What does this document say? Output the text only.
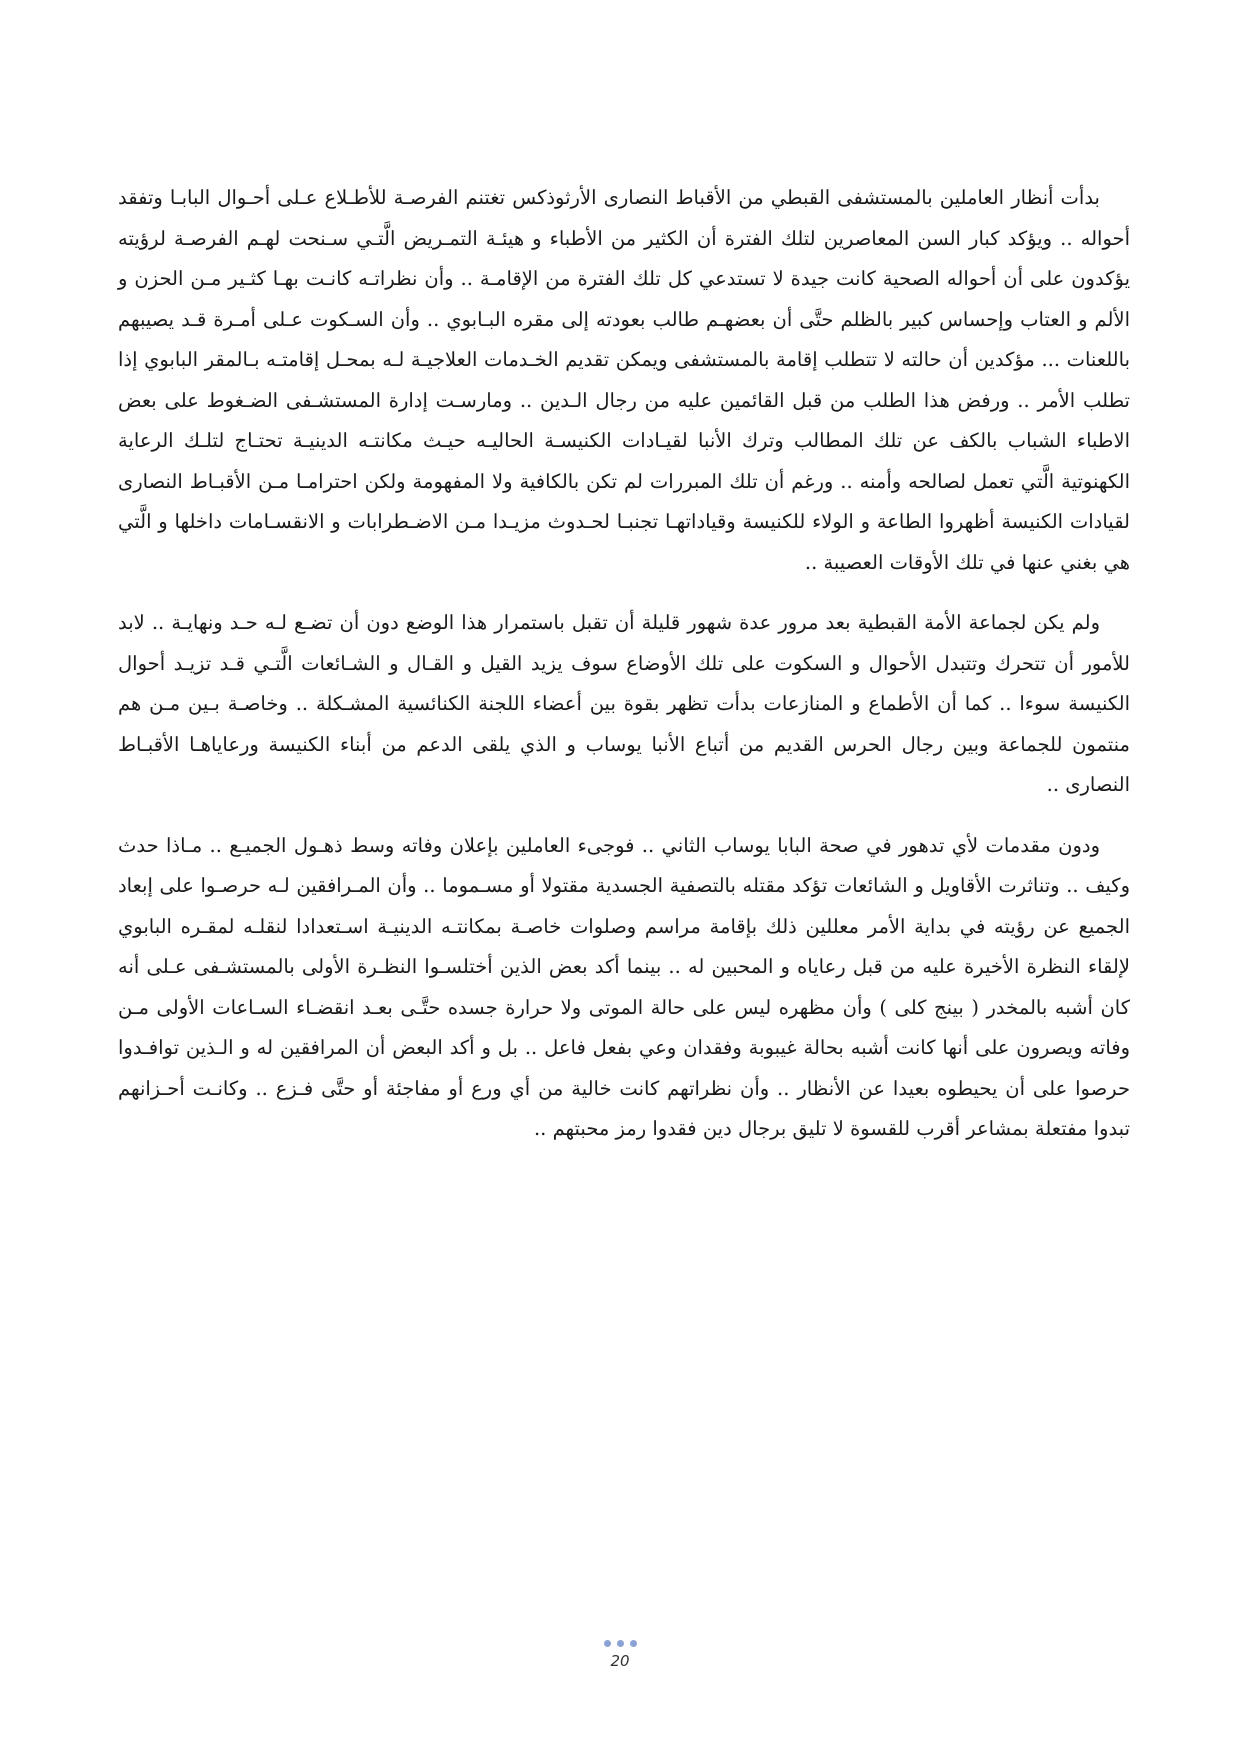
بدأت أنظار العاملين بالمستشفى القبطي من الأقباط النصارى الأرثوذكس تغتنم الفرصـة للأطـلاع عـلى أحـوال البابـا وتفقد أحواله .. ويؤكد كبار السن المعاصرين لتلك الفترة أن الكثير من الأطباء و هيئـة التمـريض الَّتـي سـنحت لهـم الفرصـة لرؤيته يؤكدون على أن أحواله الصحية كانت جيدة لا تستدعي كل تلك الفترة من الإقامـة .. وأن نظراتـه كانـت بهـا كثـير مـن الحزن و الألم و العتاب وإحساس كبير بالظلم حتَّى أن بعضهـم طالب بعودته إلى مقره البـابوي .. وأن السـكوت عـلى أمـرة قـد يصيبهم باللعنات ... مؤكدين أن حالته لا تتطلب إقامة بالمستشفى ويمكن تقديم الخـدمات العلاجيـة لـه بمحـل إقامتـه بـالمقر البابوي إذا تطلب الأمر .. ورفض هذا الطلب من قبل القائمين عليه من رجال الـدين .. ومارسـت إدارة المستشـفى الضـغوط على بعض الاطباء الشباب بالكف عن تلك المطالب وترك الأنبا لقيـادات الكنيسـة الحاليـه حيـث مكانتـه الدينيـة تحتـاج لتلـك الرعاية الكهنوتية الَّتي تعمل لصالحه وأمنه .. ورغم أن تلك المبررات لم تكن بالكافية ولا المفهومة ولكن احترامـا مـن الأقبـاط النصارى لقيادات الكنيسة أظهروا الطاعة و الولاء للكنيسة وقياداتهـا تجنبـا لحـدوث مزيـدا مـن الاضـطرابات و الانقسـامات داخلها و الَّتي هي بغني عنها في تلك الأوقات العصيبة ..

ولم يكن لجماعة الأمة القبطية بعد مرور عدة شهور قليلة أن تقبل باستمرار هذا الوضع دون أن تضـع لـه حـد ونهايـة .. لابد للأمور أن تتحرك وتتبدل الأحوال و السكوت على تلك الأوضاع سوف يزيد القيل و القـال و الشـائعات الَّتـي قـد تزيـد أحوال الكنيسة سوءا .. كما أن الأطماع و المنازعات بدأت تظهر بقوة بين أعضاء اللجنة الكنائسية المشـكلة .. وخاصـة بـين مـن هم منتمون للجماعة وبين رجال الحرس القديم من أتباع الأنبا يوساب و الذي يلقى الدعم من أبناء الكنيسة ورعاياهـا الأقبـاط النصارى ..

ودون مقدمات لأي تدهور في صحة البابا يوساب الثاني .. فوجىء العاملين بإعلان وفاته وسط ذهـول الجميـع .. مـاذا حدث وكيف .. وتناثرت الأقاويل و الشائعات تؤكد مقتله بالتصفية الجسدية مقتولا أو مسـموما .. وأن المـرافقين لـه حرصـوا على إبعاد الجميع عن رؤيته في بداية الأمر معللين ذلك بإقامة مراسم وصلوات خاصـة بمكانتـه الدينيـة اسـتعدادا لنقلـه لمقـره البابوي لإلقاء النظرة الأخيرة عليه من قبل رعاياه و المحبين له .. بينما أكد بعض الذين أختلسـوا النظـرة الأولى بالمستشـفى عـلى أنه كان أشبه بالمخدر ( بينج كلى ) وأن مظهره ليس على حالة الموتى ولا حرارة جسده حتَّـى بعـد انقضـاء السـاعات الأولى مـن وفاته ويصرون على أنها كانت أشبه بحالة غيبوبة وفقدان وعي بفعل فاعل .. بل و أكد البعض أن المرافقين له و الـذين توافـدوا حرصوا على أن يحيطوه بعيدا عن الأنظار .. وأن نظراتهم كانت خالية من أي ورع أو مفاجئة أو حتَّى فـزع .. وكانـت أحـزانهم تبدوا مفتعلة بمشاعر أقرب للقسوة لا تليق برجال دين فقدوا رمز محبتهم ..

20
